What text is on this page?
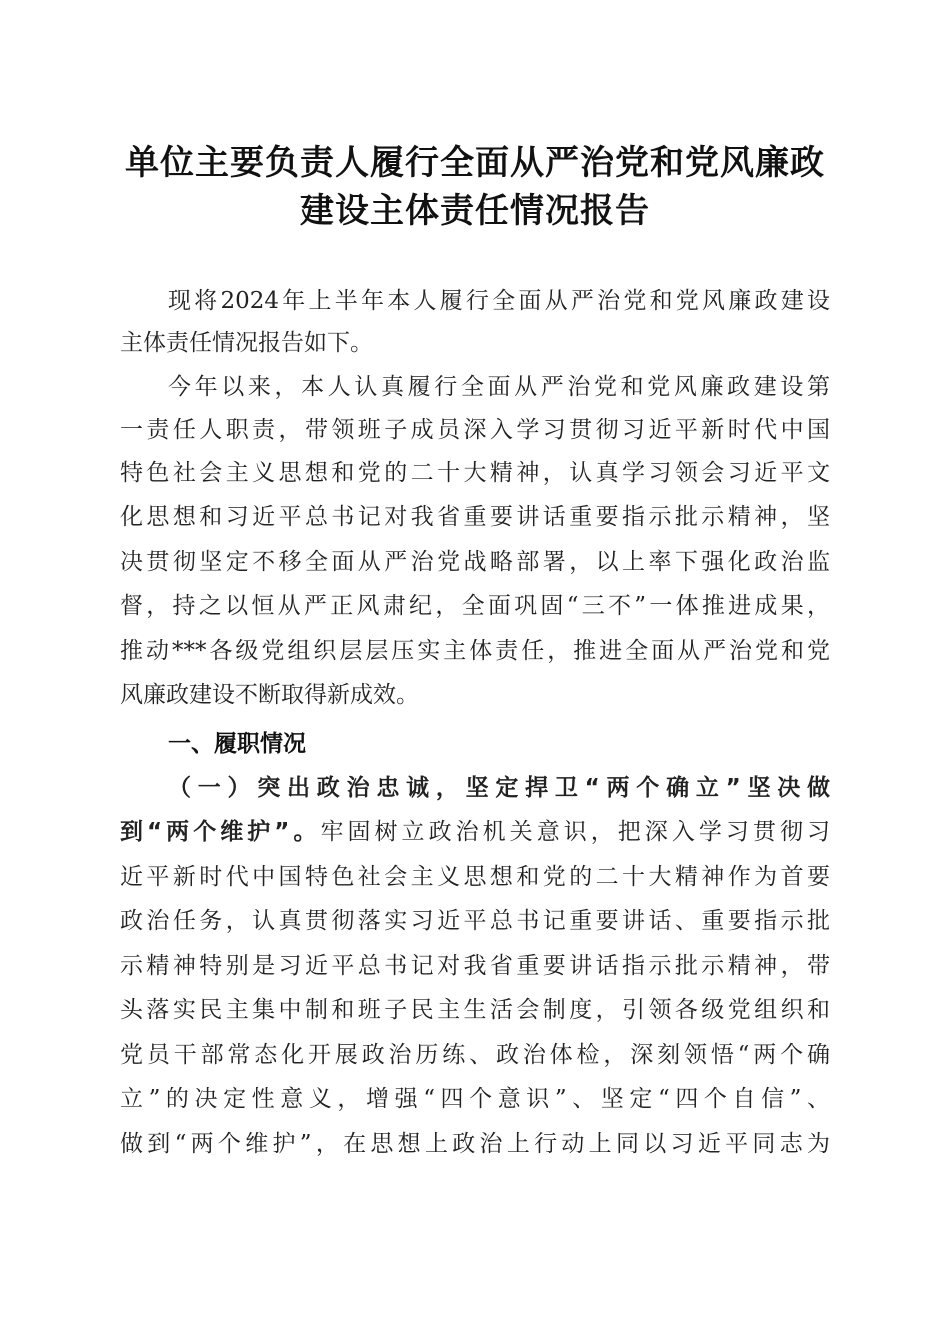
单位主要负责人履行全面从严治党和党风廉政
建设主体责任情况报告
现将2024年上半年本人履行全面从严治党和党风廉政建设
主体责任情况报告如下。
今年以来，本人认真履行全面从严治党和党风廉政建设第
一责任人职责，带领班子成员深入学习贯彻习近平新时代中国
特色社会主义思想和党的二十大精神，认真学习领会习近平文
化思想和习近平总书记对我省重要讲话重要指示批示精神，坚
决贯彻坚定不移全面从严治党战略部署，以上率下强化政治监
督，持之以恒从严正风肃纪，全面巩固“三不”一体推进成果，
推动***各级党组织层层压实主体责任，推进全面从严治党和党
风廉政建设不断取得新成效。
一、履职情况
（一）突出政治忠诚，坚定捍卫“两个确立”坚决做
到“两个维护”。牢固树立政治机关意识，把深入学习贯彻习
近平新时代中国特色社会主义思想和党的二十大精神作为首要
政治任务，认真贯彻落实习近平总书记重要讲话、重要指示批
示精神特别是习近平总书记对我省重要讲话指示批示精神，带
头落实民主集中制和班子民主生活会制度，引领各级党组织和
党员干部常态化开展政治历练、政治体检，深刻领悟“两个确
立”的决定性意义，增强“四个意识”、坚定“四个自信”、
做到“两个维护”，在思想上政治上行动上同以习近平同志为
